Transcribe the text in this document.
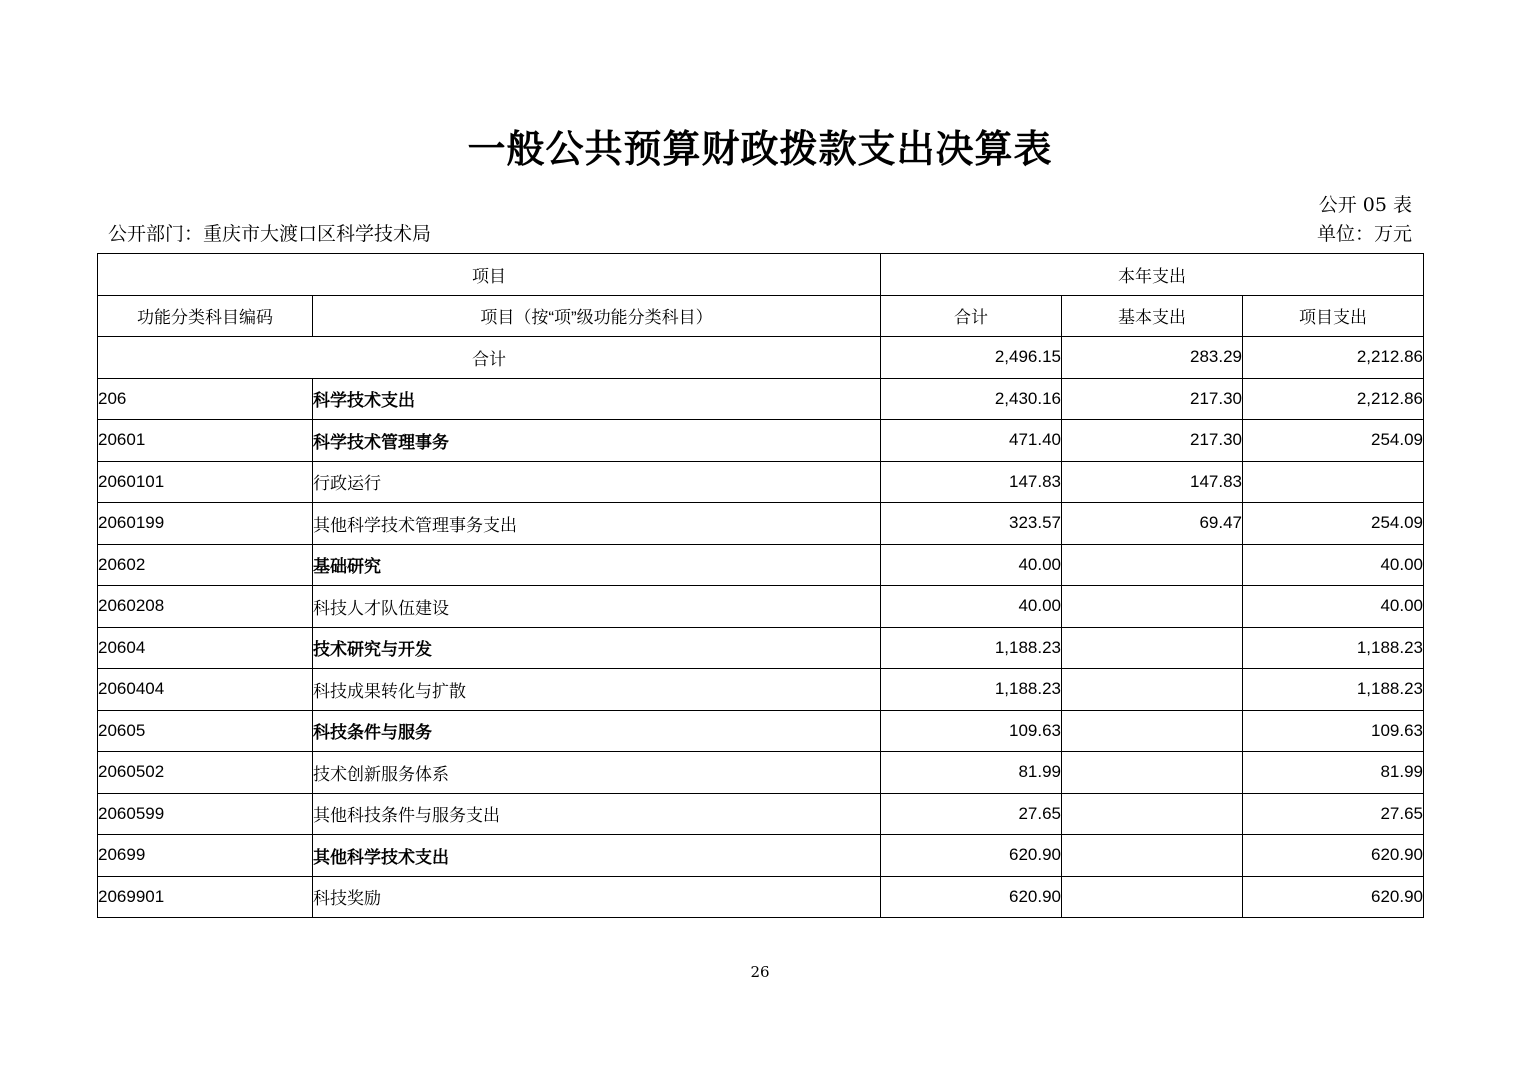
一般公共预算财政拨款支出决算表
公开 05 表
公开部门：重庆市大渡口区科学技术局	单位：万元
项目		本年支出		
功能分类科目编码	项目（按“项”级功能分类科目）	合计	基本支出	项目支出
合计		2,496.15	283.29	2,212.86
206	科学技术支出	2,430.16	217.30	2,212.86
20601	科学技术管理事务	471.40	217.30	254.09
2060101	行政运行	147.83	147.83	
2060199	其他科学技术管理事务支出	323.57	69.47	254.09
20602	基础研究	40.00		40.00
2060208	科技人才队伍建设	40.00		40.00
20604	技术研究与开发	1,188.23		1,188.23
2060404	科技成果转化与扩散	1,188.23		1,188.23
20605	科技条件与服务	109.63		109.63
2060502	技术创新服务体系	81.99		81.99
2060599	其他科技条件与服务支出	27.65		27.65
20699	其他科学技术支出	620.90		620.90
2069901	科技奖励	620.90		620.90
26
